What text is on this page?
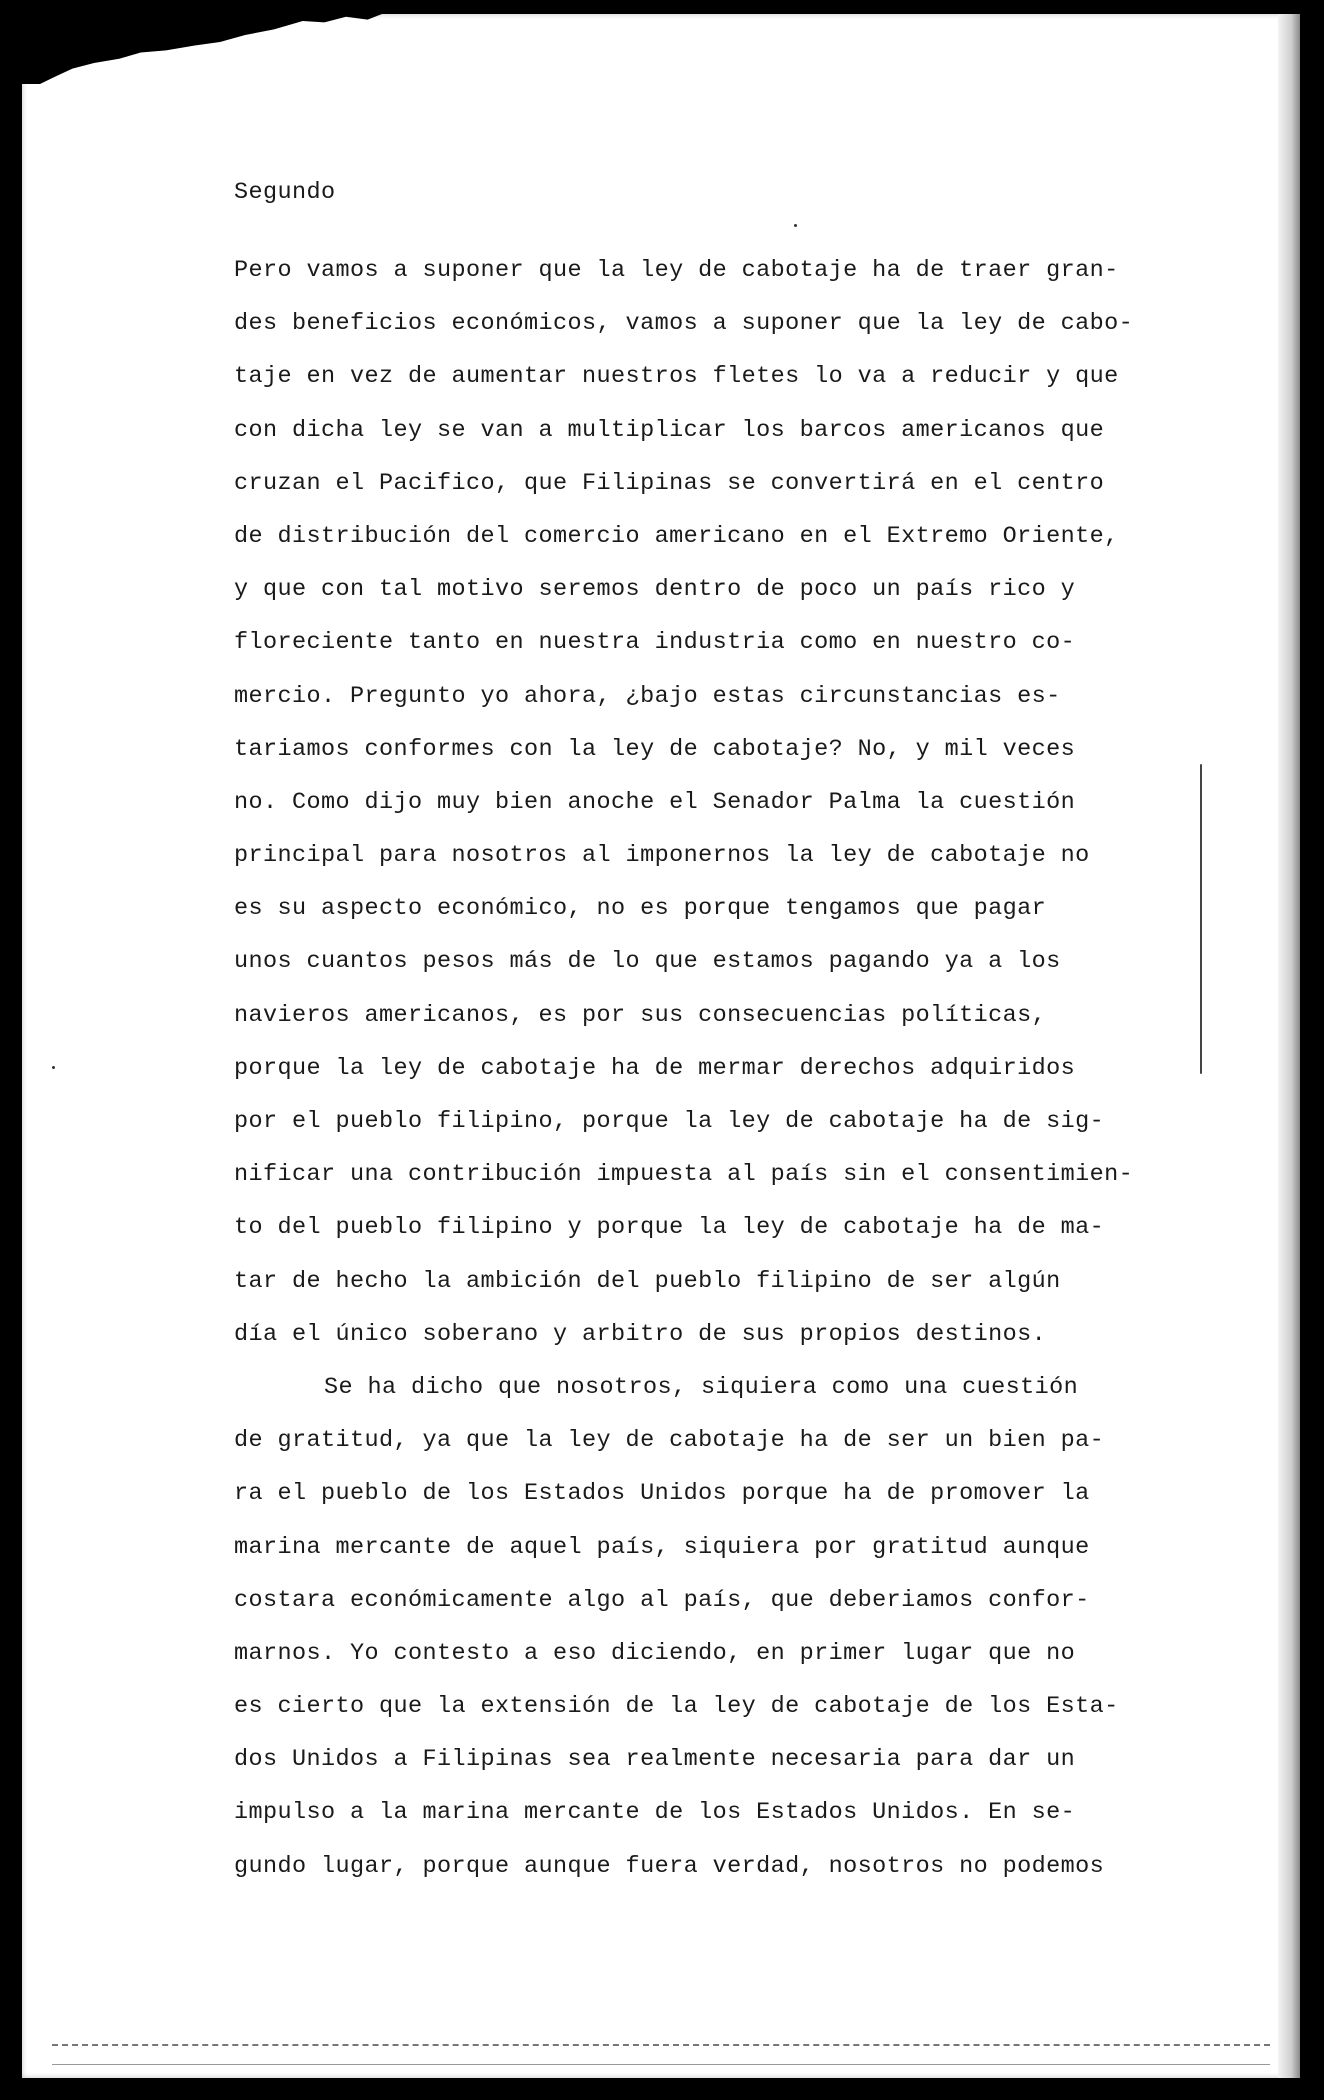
Segundo
Pero vamos a suponer que la ley de cabotaje ha de traer gran-
des beneficios económicos, vamos a suponer que la ley de cabo-
taje en vez de aumentar nuestros fletes lo va a reducir y que
con dicha ley se van a multiplicar los barcos americanos que
cruzan el Pacifico, que Filipinas se convertirá en el centro
de distribución del comercio americano en el Extremo Oriente,
y que con tal motivo seremos dentro de poco un país rico y
floreciente tanto en nuestra industria como en nuestro co-
mercio. Pregunto yo ahora, ¿bajo estas circunstancias es-
tariamos conformes con la ley de cabotaje? No, y mil veces
no. Como dijo muy bien anoche el Senador Palma la cuestión
principal para nosotros al imponernos la ley de cabotaje no
es su aspecto económico, no es porque tengamos que pagar
unos cuantos pesos más de lo que estamos pagando ya a los
navieros americanos, es por sus consecuencias políticas,
porque la ley de cabotaje ha de mermar derechos adquiridos
por el pueblo filipino, porque la ley de cabotaje ha de sig-
nificar una contribución impuesta al país sin el consentimien-
to del pueblo filipino y porque la ley de cabotaje ha de ma-
tar de hecho la ambición del pueblo filipino de ser algún
día el único soberano y arbitro de sus propios destinos.
Se ha dicho que nosotros, siquiera como una cuestión
de gratitud, ya que la ley de cabotaje ha de ser un bien pa-
ra el pueblo de los Estados Unidos porque ha de promover la
marina mercante de aquel país, siquiera por gratitud aunque
costara económicamente algo al país, que deberiamos confor-
marnos. Yo contesto a eso diciendo, en primer lugar que no
es cierto que la extensión de la ley de cabotaje de los Esta-
dos Unidos a Filipinas sea realmente necesaria para dar un
impulso a la marina mercante de los Estados Unidos. En se-
gundo lugar, porque aunque fuera verdad, nosotros no podemos
